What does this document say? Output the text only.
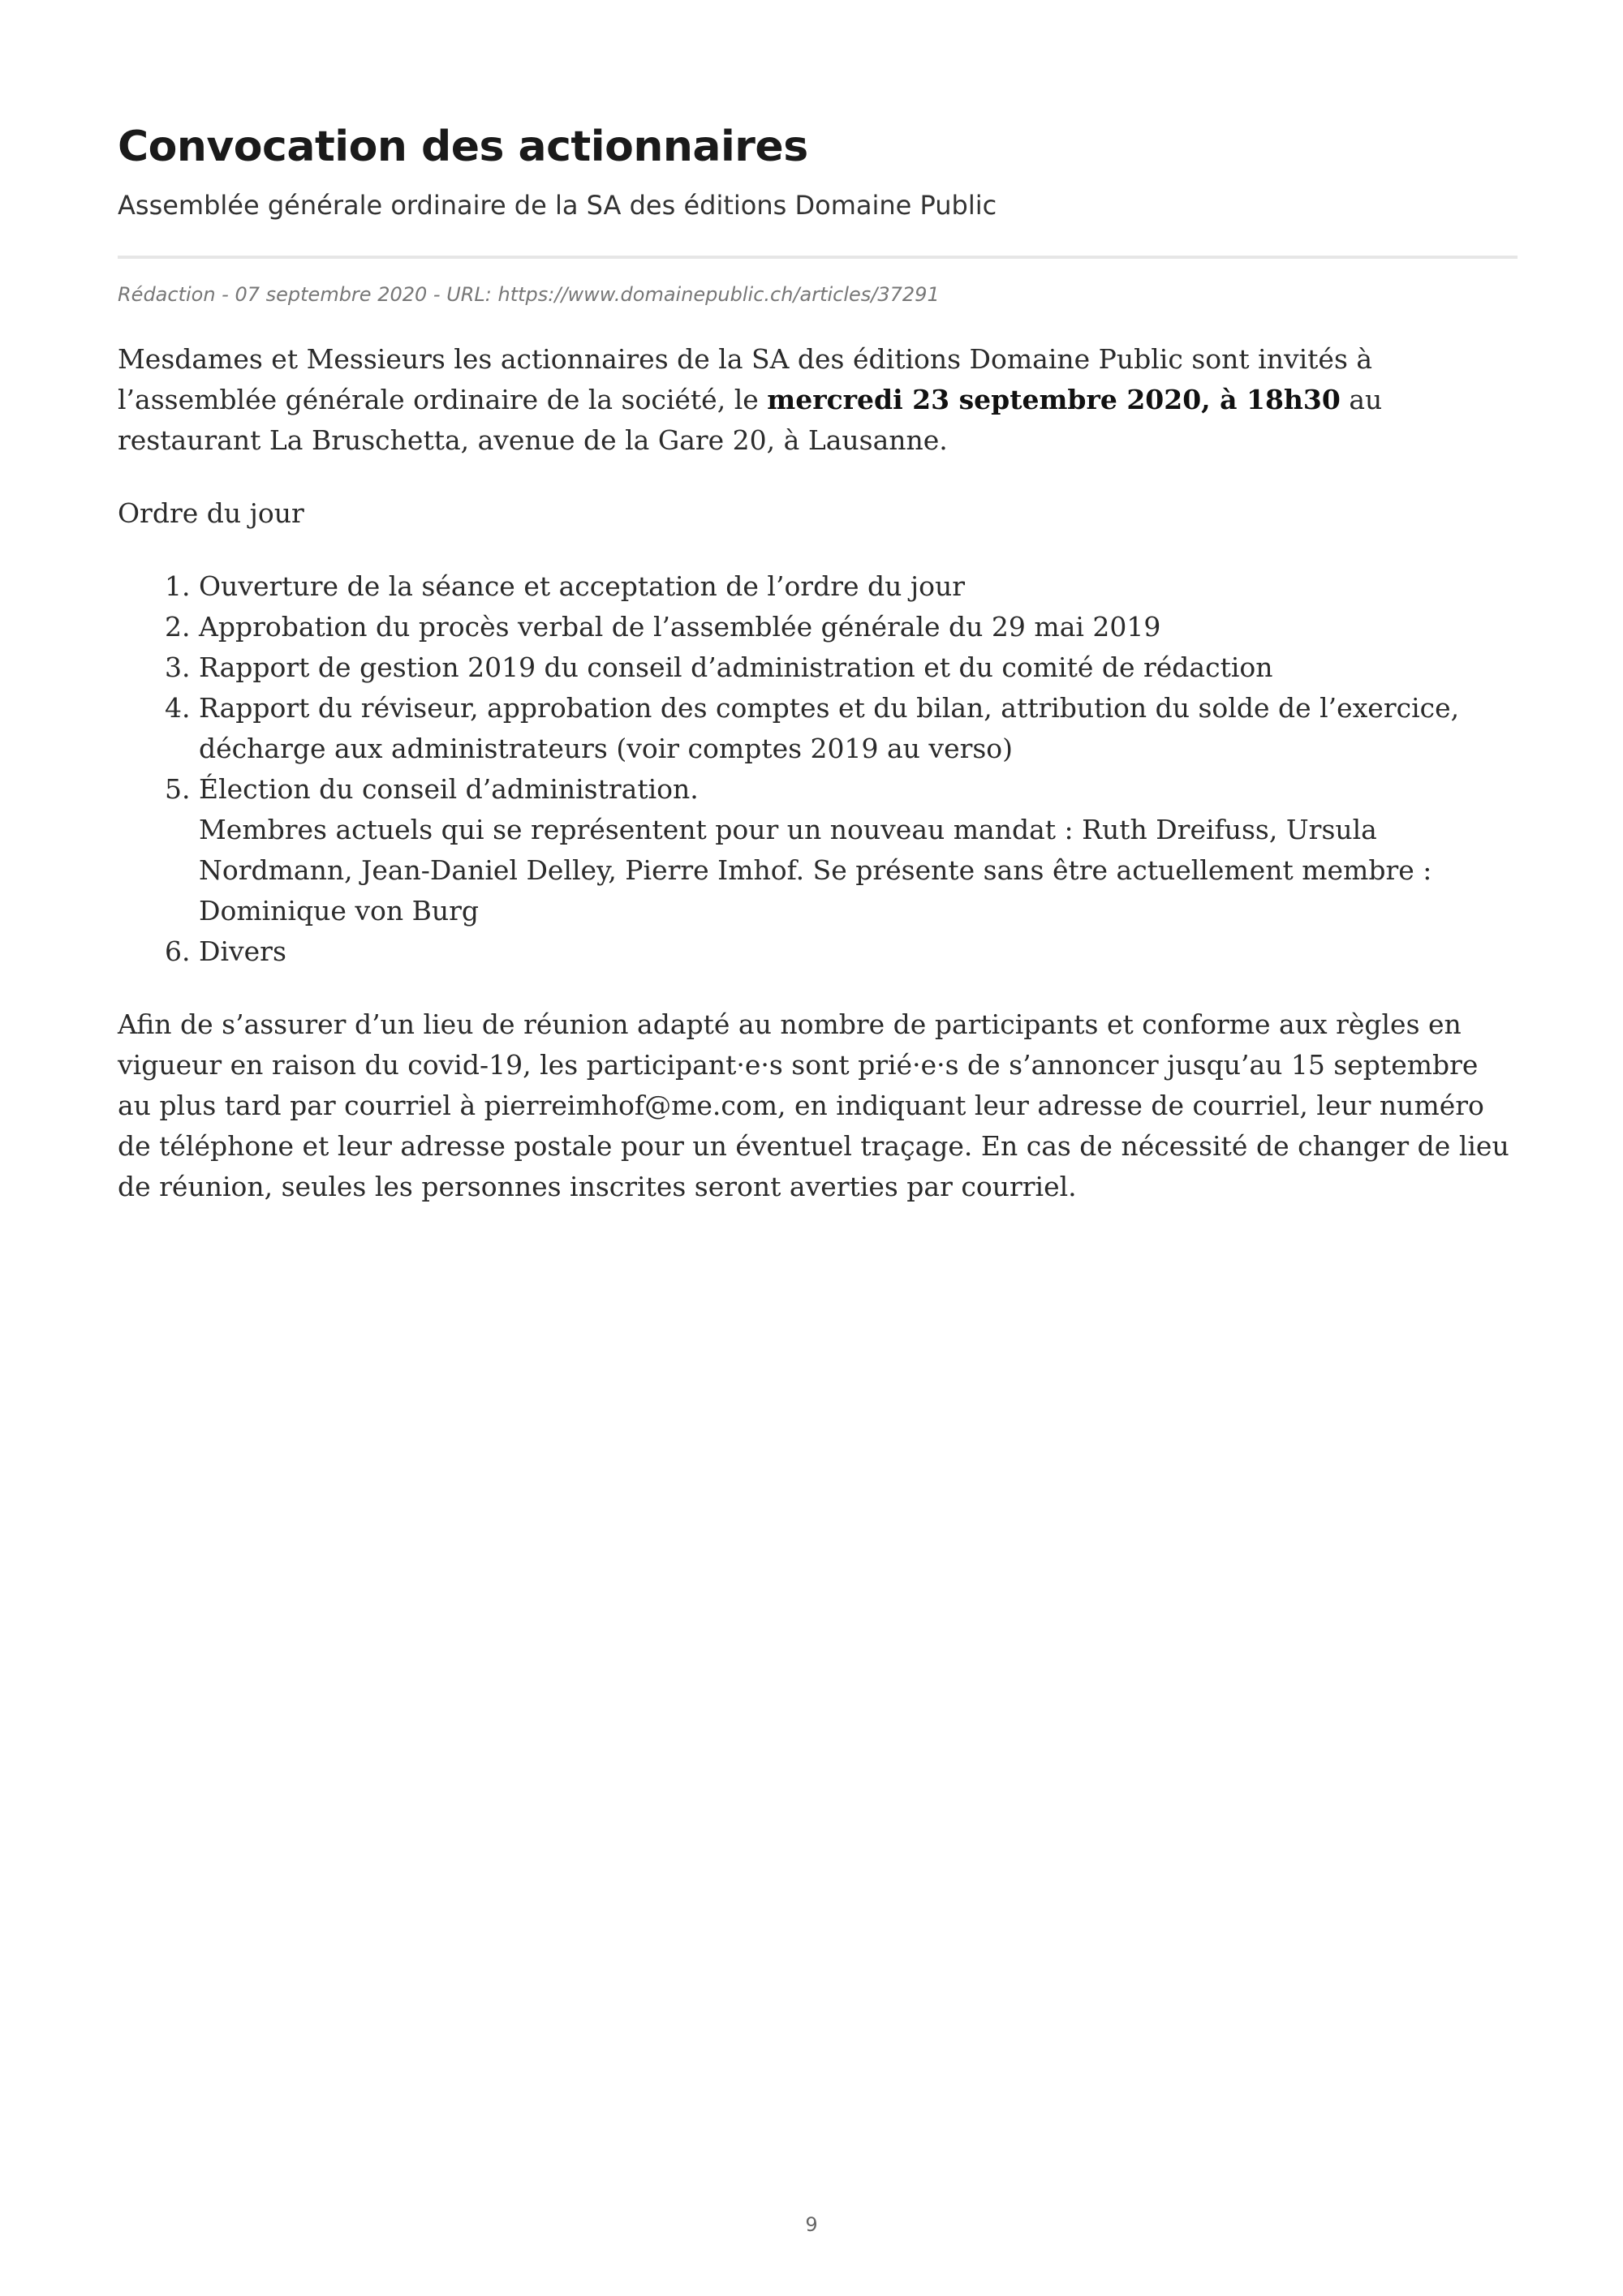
Convocation des actionnaires
Assemblée générale ordinaire de la SA des éditions Domaine Public
Rédaction - 07 septembre 2020 - URL: https://www.domainepublic.ch/articles/37291

Mesdames et Messieurs les actionnaires de la SA des éditions Domaine Public sont invités à l’assemblée générale ordinaire de la société, le mercredi 23 septembre 2020, à 18h30 au restaurant La Bruschetta, avenue de la Gare 20, à Lausanne.

Ordre du jour

1. Ouverture de la séance et acceptation de l’ordre du jour
2. Approbation du procès verbal de l’assemblée générale du 29 mai 2019
3. Rapport de gestion 2019 du conseil d’administration et du comité de rédaction
4. Rapport du réviseur, approbation des comptes et du bilan, attribution du solde de l’exercice, décharge aux administrateurs (voir comptes 2019 au verso)
5. Élection du conseil d’administration.
Membres actuels qui se représentent pour un nouveau mandat : Ruth Dreifuss, Ursula Nordmann, Jean-Daniel Delley, Pierre Imhof. Se présente sans être actuellement membre : Dominique von Burg
6. Divers

Afin de s’assurer d’un lieu de réunion adapté au nombre de participants et conforme aux règles en vigueur en raison du covid-19, les participant·e·s sont prié·e·s de s’annoncer jusqu’au 15 septembre au plus tard par courriel à pierreimhof@me.com, en indiquant leur adresse de courriel, leur numéro de téléphone et leur adresse postale pour un éventuel traçage. En cas de nécessité de changer de lieu de réunion, seules les personnes inscrites seront averties par courriel.

9
